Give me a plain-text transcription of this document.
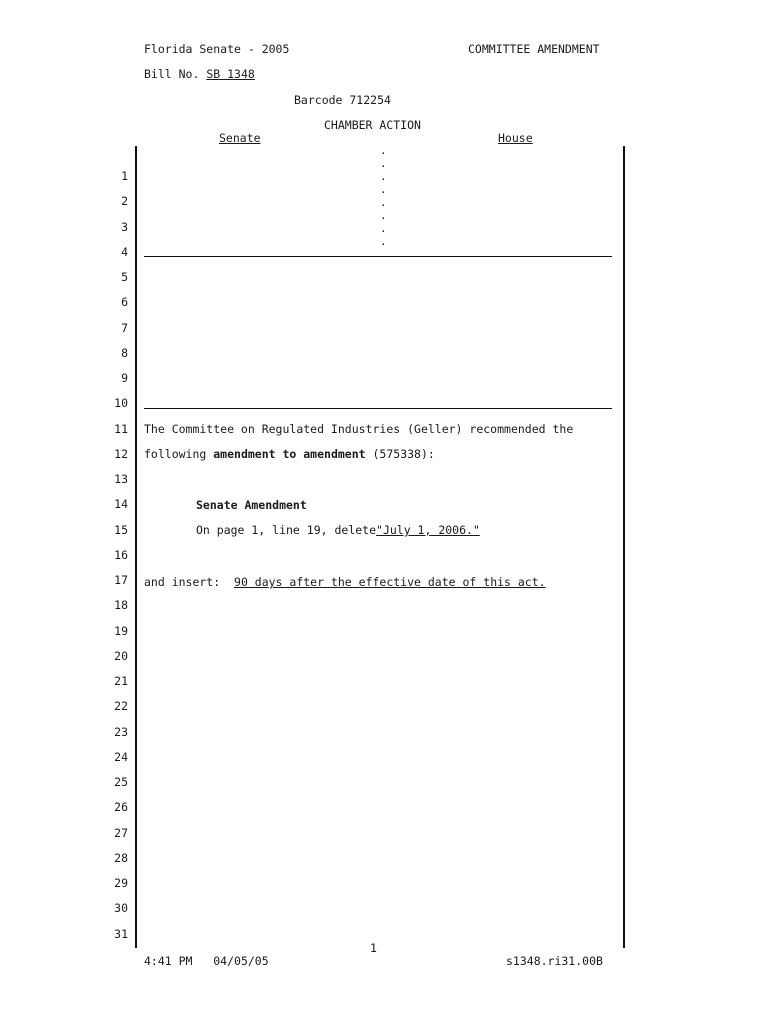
Florida Senate - 2005	COMMITTEE AMENDMENT
Bill No. SB 1348
Barcode 712254
CHAMBER ACTION
Senate	House
.
.
.
.
.
.
.
.
1
2
3
4
5
6
7
8
9
10
11
12
13
14
15
16
17
18
19
20
21
22
23
24
25
26
27
28
29
30
31
The Committee on Regulated Industries (Geller) recommended the
following amendment to amendment (575338):
Senate Amendment
On page 1, line 19, delete"July 1, 2006."
and insert:  90 days after the effective date of this act.
1
4:41 PM 04/05/05	s1348.ri31.00B
